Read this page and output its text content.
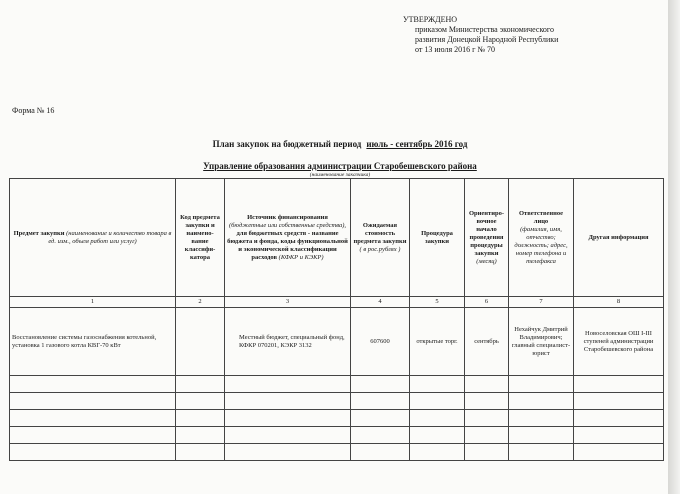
УТВЕРЖДЕНО
приказом Министерства экономического
развития Донецкой Народной Республики
от 13 июля 2016 г № 70
Форма № 16
План закупок на бюджетный период июль - сентябрь 2016 год
Управление образования администрации Старобешевского района
(наименование заказчика)
Предмет закупки (наименование и количество товара в ед. изм., объем работ или услуг)	Код предмета закупки и наимено-вание классифи-катора	Источник финансирования
(бюджетные или собственные средства), для бюджетных средств - название бюджета и фонда, коды функциональной и экономической классификации расходов (КФКР и КЭКР)	Ожидаемая стоимость предмета закупки
( в рос.рублях )	Процедура закупки	Ориентиро-вочное начало проведения процедуры закупки
(месяц)	Ответственное лицо
(фамилия, имя, отчество; должность; адрес, номер телефона и телефакса	Другая информация
1	2	3	4	5	6	7	8
Восстановление системы газоснабжения котельной, установка 1 газового котла КВГ-70 кВт		Местный бюджет, специальный фонд, КФКР 070201, КЭКР 3132	607600	открытые торг.	сентябрь	Нехайчук Дмитрий Владимирович; главный специалист-юрист	Новоселовская ОШ I-III ступеней администрации Старобешевского района
